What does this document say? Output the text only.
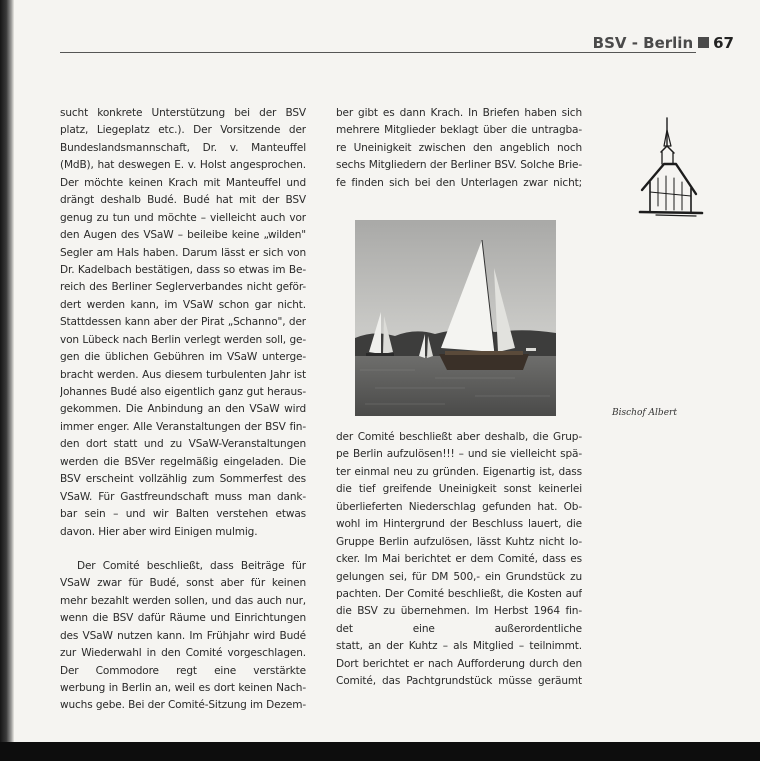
BSV - Berlin 67
sucht konkrete Unterstützung bei der BSV
platz, Liegeplatz etc.). Der Vorsitzende der
Bundeslandsmannschaft, Dr. v. Manteuffel
(MdB), hat deswegen E. v. Holst angesprochen.
Der möchte keinen Krach mit Manteuffel und
drängt deshalb Budé. Budé hat mit der BSV
genug zu tun und möchte – vielleicht auch vor
den Augen des VSaW – beileibe keine „wilden"
Segler am Hals haben. Darum lässt er sich von
Dr. Kadelbach bestätigen, dass so etwas im Be-
reich des Berliner Seglerverbandes nicht geför-
dert werden kann, im VSaW schon gar nicht.
Stattdessen kann aber der Pirat „Schanno", der
von Lübeck nach Berlin verlegt werden soll, ge-
gen die üblichen Gebühren im VSaW unterge-
bracht werden. Aus diesem turbulenten Jahr ist
Johannes Budé also eigentlich ganz gut heraus-
gekommen. Die Anbindung an den VSaW wird
immer enger. Alle Veranstaltungen der BSV fin-
den dort statt und zu VSaW-Veranstaltungen
werden die BSVer regelmäßig eingeladen. Die
BSV erscheint vollzählig zum Sommerfest des
VSaW. Für Gastfreundschaft muss man dank-
bar sein – und wir Balten verstehen etwas
davon. Hier aber wird Einigen mulmig.
Der Comité beschließt, dass Beiträge für
VSaW zwar für Budé, sonst aber für keinen
mehr bezahlt werden sollen, und das auch nur,
wenn die BSV dafür Räume und Einrichtungen
des VSaW nutzen kann. Im Frühjahr wird Budé
zur Wiederwahl in den Comité vorgeschlagen.
Der Commodore regt eine verstärkte
werbung in Berlin an, weil es dort keinen Nach-
wuchs gebe. Bei der Comité-Sitzung im Dezem-
ber gibt es dann Krach. In Briefen haben sich
mehrere Mitglieder beklagt über die untragba-
re Uneinigkeit zwischen den angeblich noch
sechs Mitgliedern der Berliner BSV. Solche Brie-
fe finden sich bei den Unterlagen zwar nicht;
der Comité beschließt aber deshalb, die Grup-
pe Berlin aufzulösen!!! – und sie vielleicht spä-
ter einmal neu zu gründen. Eigenartig ist, dass
die tief greifende Uneinigkeit sonst keinerlei
überlieferten Niederschlag gefunden hat. Ob-
wohl im Hintergrund der Beschluss lauert, die
Gruppe Berlin aufzulösen, lässt Kuhtz nicht lo-
cker. Im Mai berichtet er dem Comité, dass es
gelungen sei, für DM 500,- ein Grundstück zu
pachten. Der Comité beschließt, die Kosten auf
die BSV zu übernehmen. Im Herbst 1964 fin-
det eine außerordentliche
statt, an der Kuhtz – als Mitglied – teilnimmt.
Dort berichtet er nach Aufforderung durch den
Comité, das Pachtgrundstück müsse geräumt
Bischof Albert
